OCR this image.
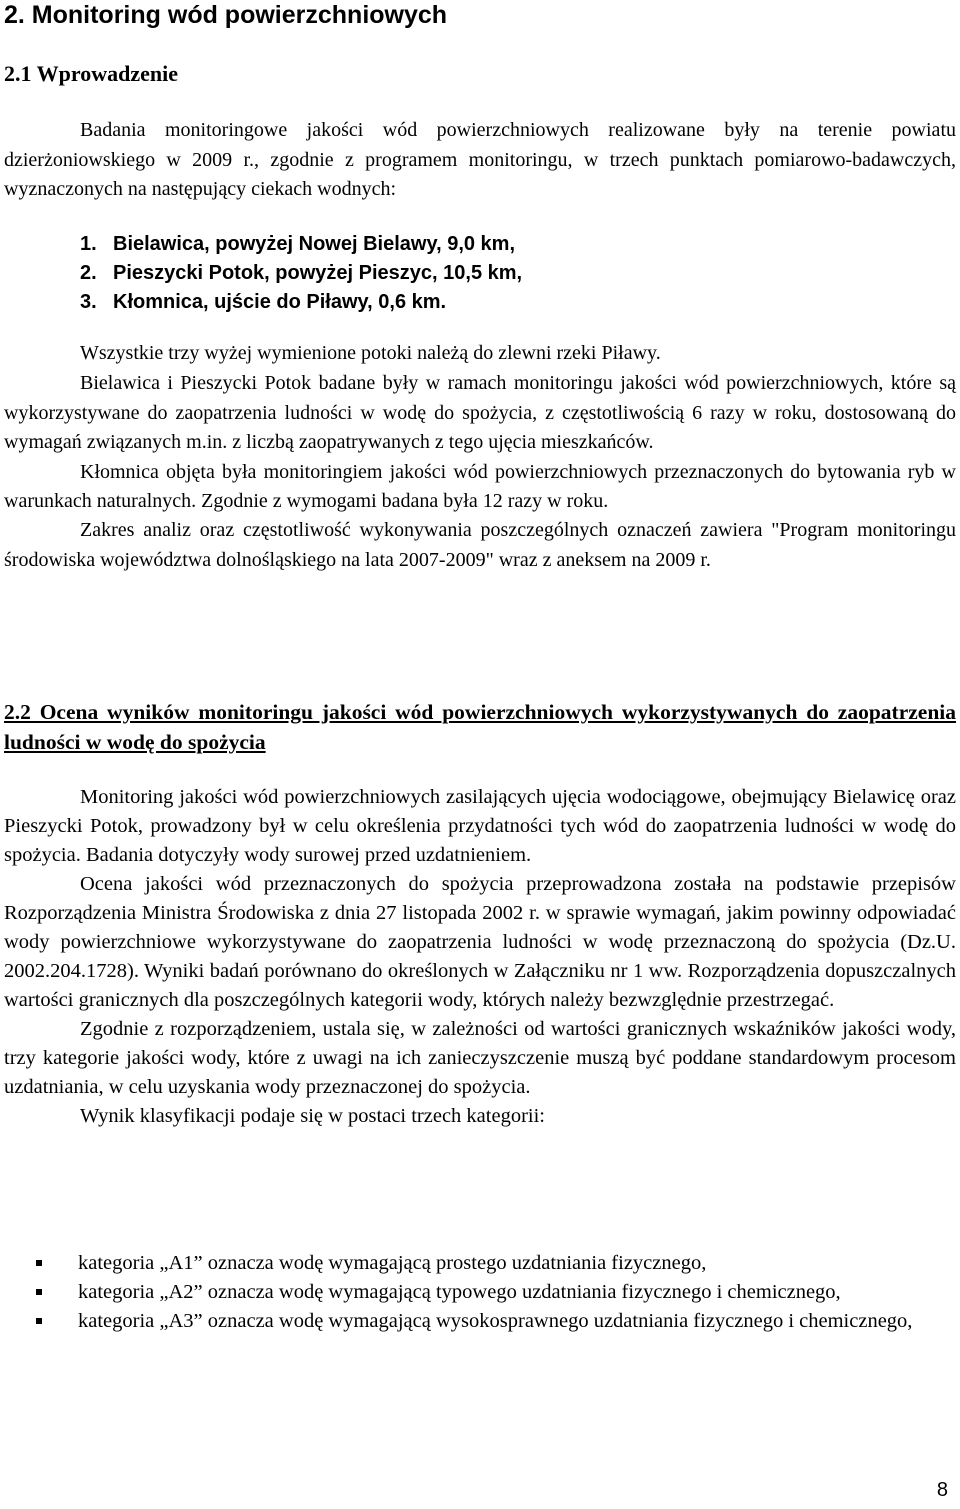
2. Monitoring wód powierzchniowych
2.1 Wprowadzenie

Badania monitoringowe jakości wód powierzchniowych realizowane były na terenie powiatu dzierżoniowskiego w 2009 r., zgodnie z programem monitoringu, w trzech punktach pomiarowo-badawczych, wyznaczonych na następujący ciekach wodnych:

1. Bielawica, powyżej Nowej Bielawy, 9,0 km,
2. Pieszycki Potok, powyżej Pieszyc, 10,5 km,
3. Kłomnica, ujście do Piławy, 0,6 km.

Wszystkie trzy wyżej wymienione potoki należą do zlewni rzeki Piławy.

Bielawica i Pieszycki Potok badane były w ramach monitoringu jakości wód powierzchniowych, które są wykorzystywane do zaopatrzenia ludności w wodę do spożycia, z częstotliwością 6 razy w roku, dostosowaną do wymagań związanych m.in. z liczbą zaopatrywanych z tego ujęcia mieszkańców.

Kłomnica objęta była monitoringiem jakości wód powierzchniowych przeznaczonych do bytowania ryb w warunkach naturalnych. Zgodnie z wymogami badana była 12 razy w roku.

Zakres analiz oraz częstotliwość wykonywania poszczególnych oznaczeń zawiera "Program monitoringu środowiska województwa dolnośląskiego na lata 2007-2009" wraz z aneksem na 2009 r.

2.2 Ocena wyników monitoringu jakości wód powierzchniowych wykorzystywanych do zaopatrzenia ludności w wodę do spożycia

Monitoring jakości wód powierzchniowych zasilających ujęcia wodociągowe, obejmujący Bielawicę oraz Pieszycki Potok, prowadzony był w celu określenia przydatności tych wód do zaopatrzenia ludności w wodę do spożycia. Badania dotyczyły wody surowej przed uzdatnieniem.

Ocena jakości wód przeznaczonych do spożycia przeprowadzona została na podstawie przepisów Rozporządzenia Ministra Środowiska z dnia 27 listopada 2002 r. w sprawie wymagań, jakim powinny odpowiadać wody powierzchniowe wykorzystywane do zaopatrzenia ludności w wodę przeznaczoną do spożycia (Dz.U. 2002.204.1728). Wyniki badań porównano do określonych w Załączniku nr 1 ww. Rozporządzenia dopuszczalnych wartości granicznych dla poszczególnych kategorii wody, których należy bezwzględnie przestrzegać.

Zgodnie z rozporządzeniem, ustala się, w zależności od wartości granicznych wskaźników jakości wody, trzy kategorie jakości wody, które z uwagi na ich zanieczyszczenie muszą być poddane standardowym procesom uzdatniania, w celu uzyskania wody przeznaczonej do spożycia.

Wynik klasyfikacji podaje się w postaci trzech kategorii:

kategoria „A1” oznacza wodę wymagającą prostego uzdatniania fizycznego,
kategoria „A2” oznacza wodę wymagającą typowego uzdatniania fizycznego i chemicznego,
kategoria „A3” oznacza wodę wymagającą wysokosprawnego uzdatniania fizycznego i chemicznego,
8
